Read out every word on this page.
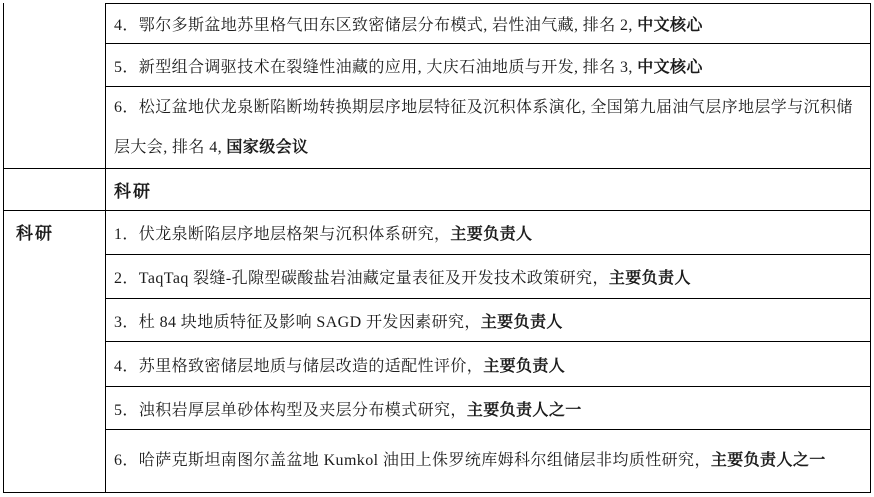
4．鄂尔多斯盆地苏里格气田东区致密储层分布模式, 岩性油气藏, 排名 2, 中文核心
5．新型组合调驱技术在裂缝性油藏的应用, 大庆石油地质与开发, 排名 3, 中文核心
6．松辽盆地伏龙泉断陷断坳转换期层序地层特征及沉积体系演化, 全国第九届油气层序地层学与沉积储层大会, 排名 4, 国家级会议
科研
科研	1．伏龙泉断陷层序地层格架与沉积体系研究，主要负责人
2．TaqTaq 裂缝-孔隙型碳酸盐岩油藏定量表征及开发技术政策研究，主要负责人
3．杜 84 块地质特征及影响 SAGD 开发因素研究，主要负责人
4．苏里格致密储层地质与储层改造的适配性评价，主要负责人
5．浊积岩厚层单砂体构型及夹层分布模式研究，主要负责人之一
6．哈萨克斯坦南图尔盖盆地 Kumkol 油田上侏罗统库姆科尔组储层非均质性研究，主要负责人之一
